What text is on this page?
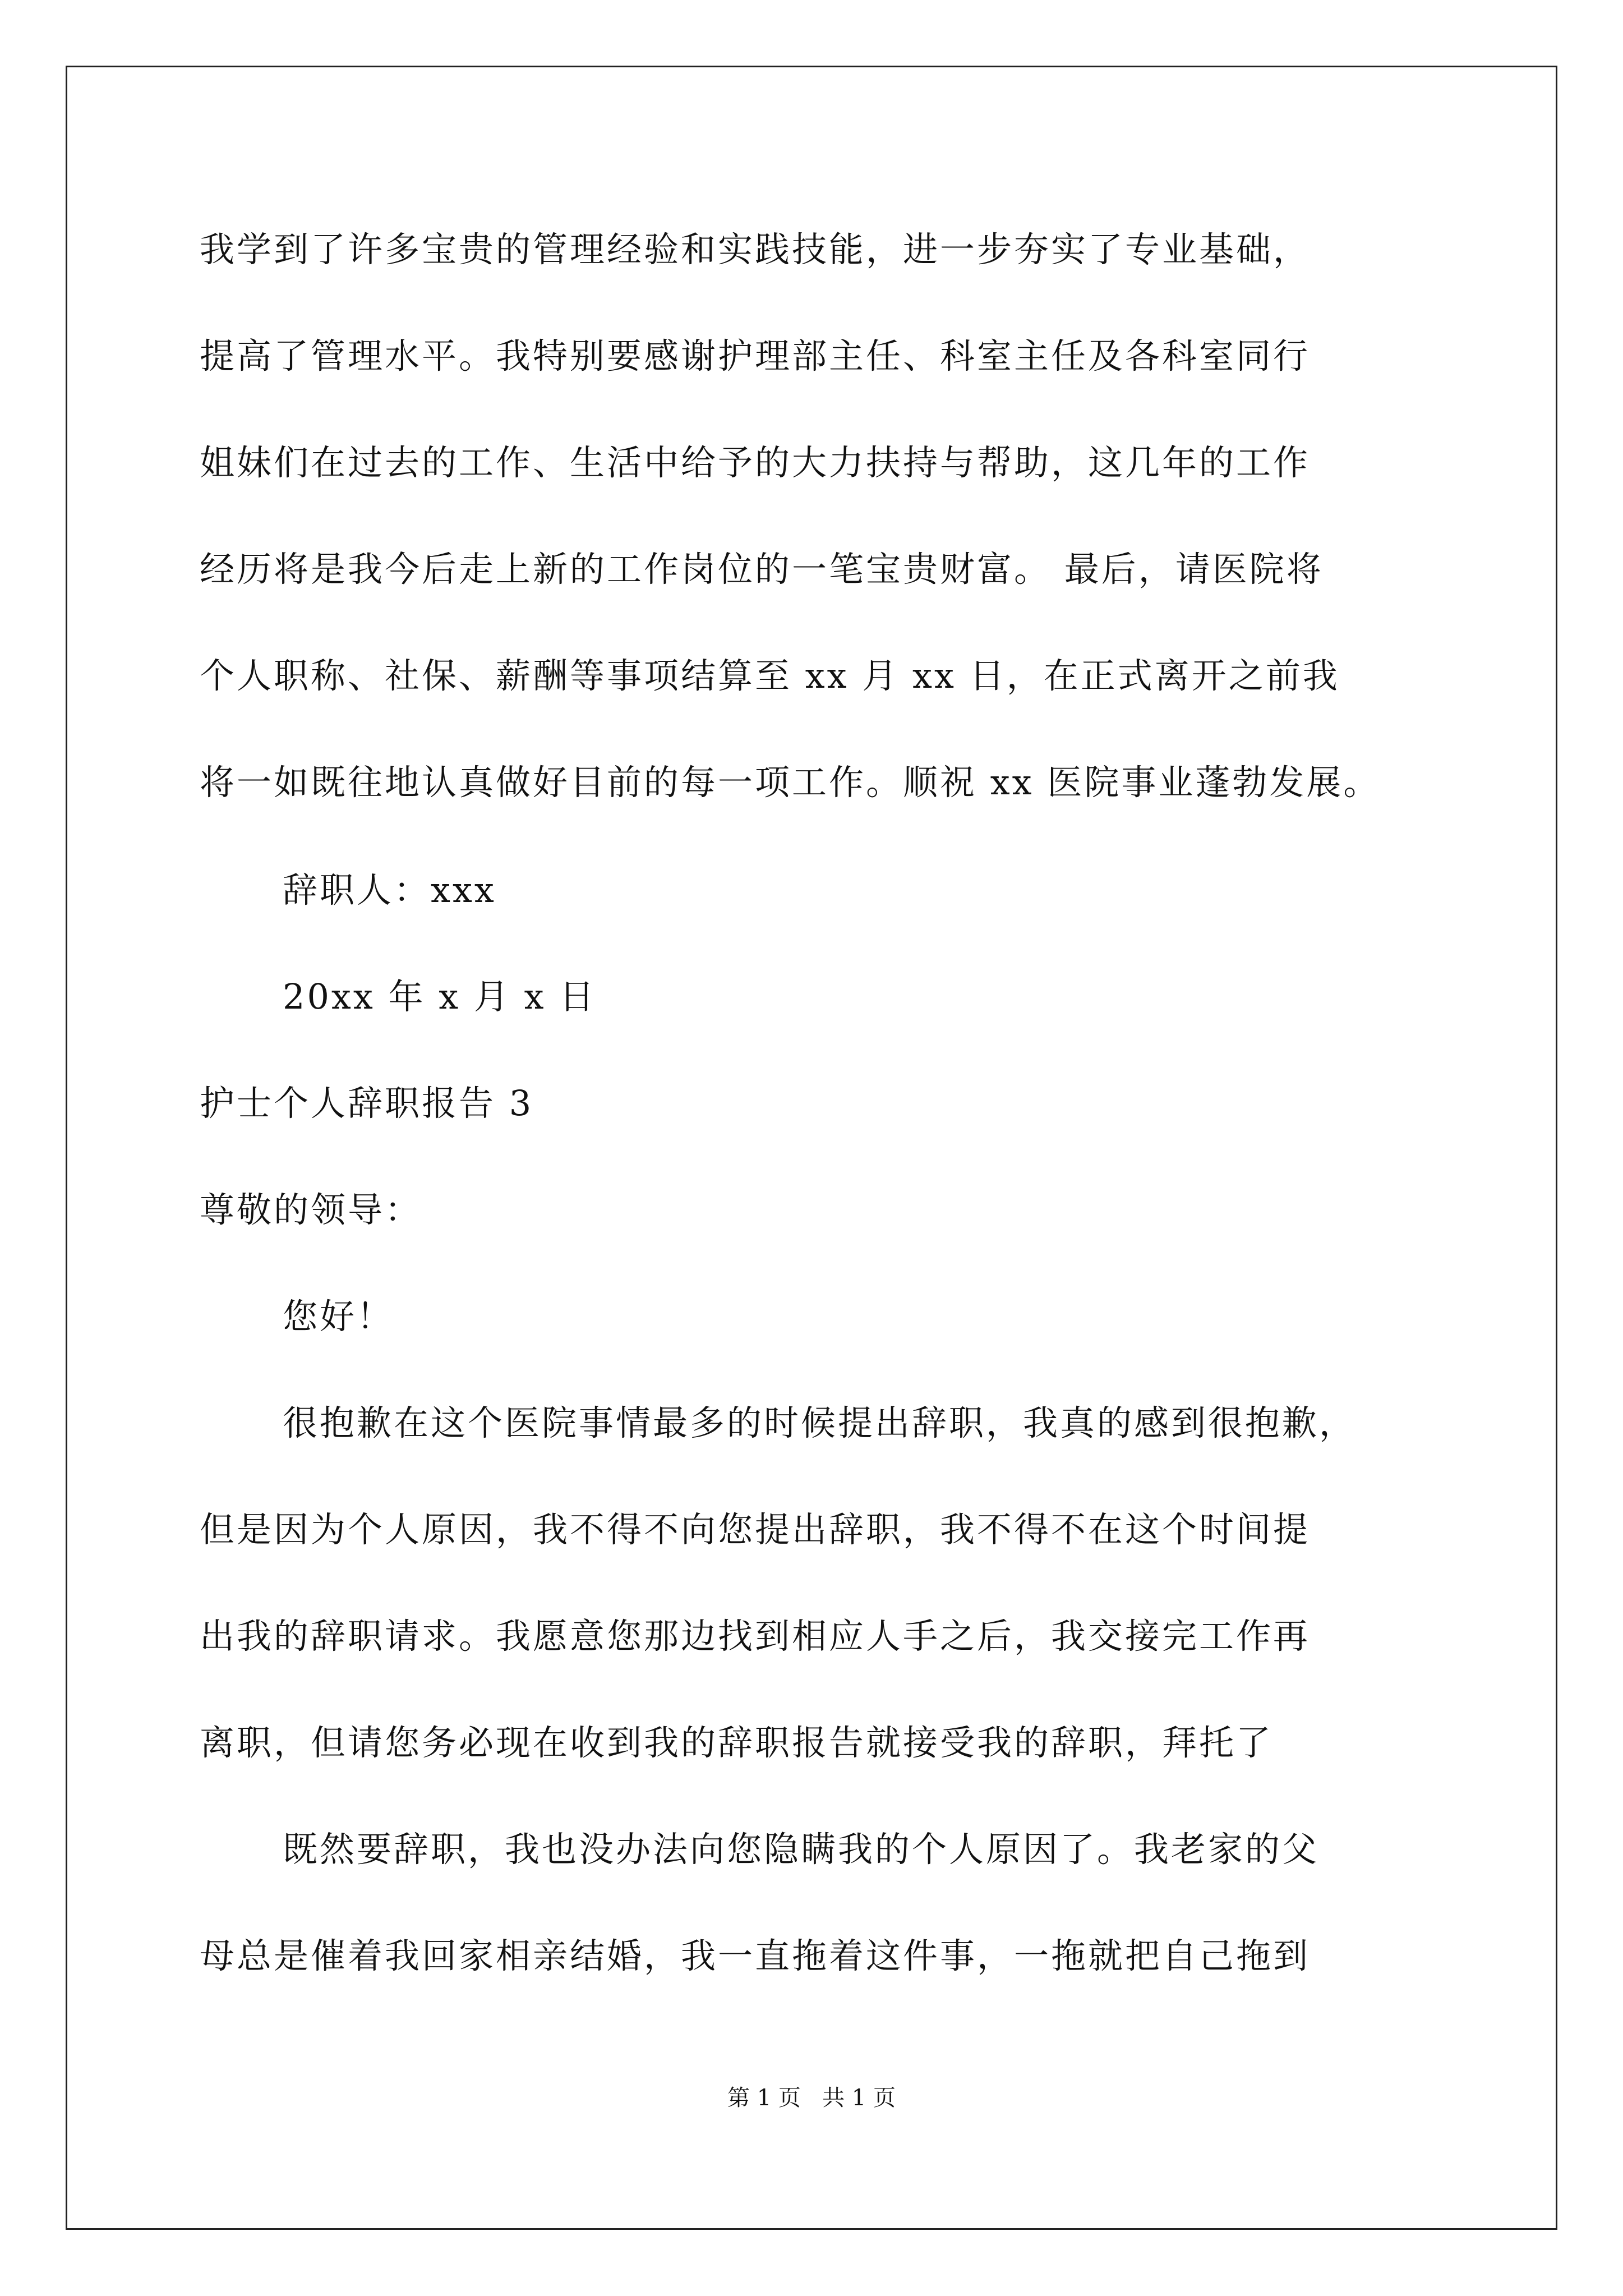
我学到了许多宝贵的管理经验和实践技能，进一步夯实了专业基础，
提高了管理水平。我特别要感谢护理部主任、科室主任及各科室同行
姐妹们在过去的工作、生活中给予的大力扶持与帮助，这几年的工作
经历将是我今后走上新的工作岗位的一笔宝贵财富。 最后，请医院将
个人职称、社保、薪酬等事项结算至 xx 月 xx 日，在正式离开之前我
将一如既往地认真做好目前的每一项工作。顺祝 xx 医院事业蓬勃发展。
辞职人：xxx
20xx 年 x 月 x 日
护士个人辞职报告 3
尊敬的领导：
您好！
很抱歉在这个医院事情最多的时候提出辞职，我真的感到很抱歉，
但是因为个人原因，我不得不向您提出辞职，我不得不在这个时间提
出我的辞职请求。我愿意您那边找到相应人手之后，我交接完工作再
离职，但请您务必现在收到我的辞职报告就接受我的辞职，拜托了
既然要辞职，我也没办法向您隐瞒我的个人原因了。我老家的父
母总是催着我回家相亲结婚，我一直拖着这件事，一拖就把自己拖到
第 1 页   共 1 页
